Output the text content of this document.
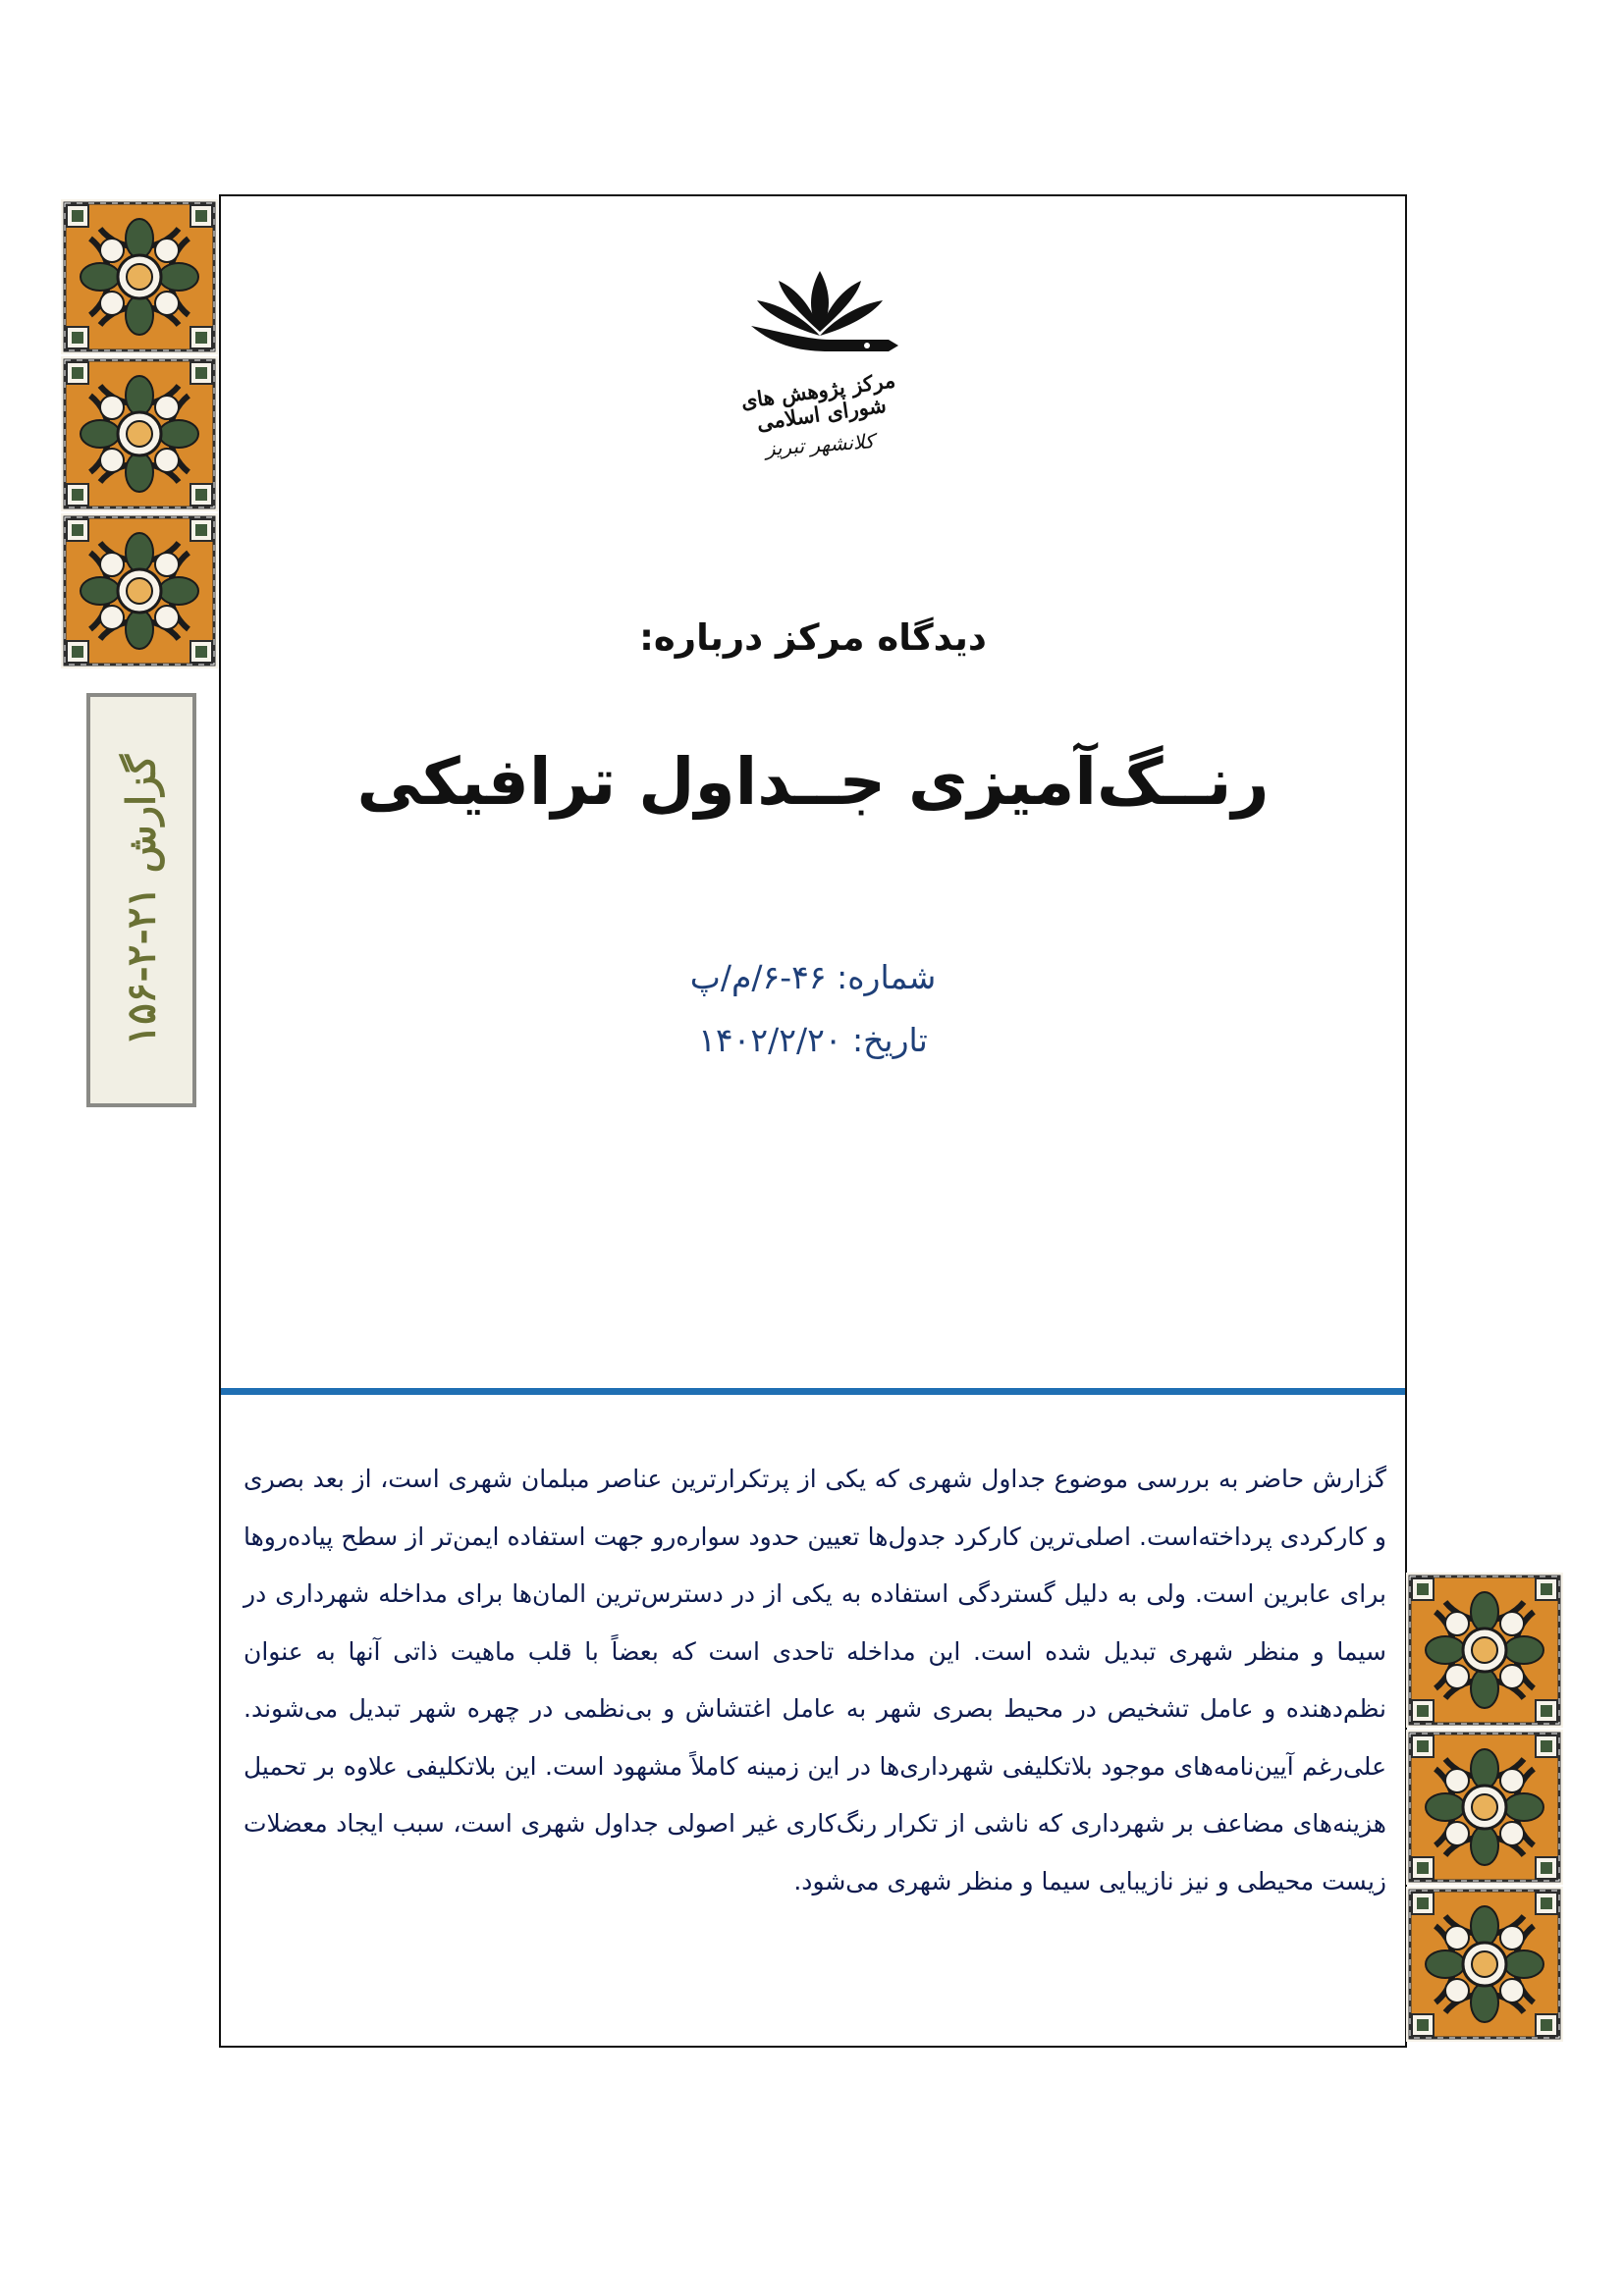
گزارش ۲۱-۲-۱۵۶
مرکز پژوهش های شورای اسلامی
کلانشهر تبریز
دیدگاه مرکز درباره:
رنــگ‌آمیزی جــداول ترافیکی
شماره: ۴۶-۶/م/پ
تاریخ: ۱۴۰۲/۲/۲۰
گزارش حاضر به بررسی موضوع جداول شهری که یکی از پرتکرارترین عناصر مبلمان شهری است، از بعد بصری و کارکردی پرداخته‌است. اصلی‌ترین کارکرد جدول‌ها تعیین حدود سواره‌رو جهت استفاده ایمن‌تر از سطح پیاده‌روها برای عابرین است. ولی به دلیل گستردگی استفاده به یکی از در دسترس‌ترین المان‌ها برای مداخله شهرداری در سیما و منظر شهری تبدیل شده است. این مداخله تاحدی است که بعضاً با قلب ماهیت ذاتی آنها به عنوان نظم‌دهنده و عامل تشخیص در محیط بصری شهر به عامل اغتشاش و بی‌نظمی در چهره شهر تبدیل می‌شوند. علی‌رغم آیین‌نامه‌های موجود بلاتکلیفی شهرداری‌ها در این زمینه کاملاً مشهود است. این بلاتکلیفی علاوه بر تحمیل هزینه‌های مضاعف بر شهرداری که ناشی از تکرار رنگ‌کاری غیر اصولی جداول شهری است، سبب ایجاد معضلات زیست محیطی و نیز نازیبایی سیما و منظر شهری می‌شود.
